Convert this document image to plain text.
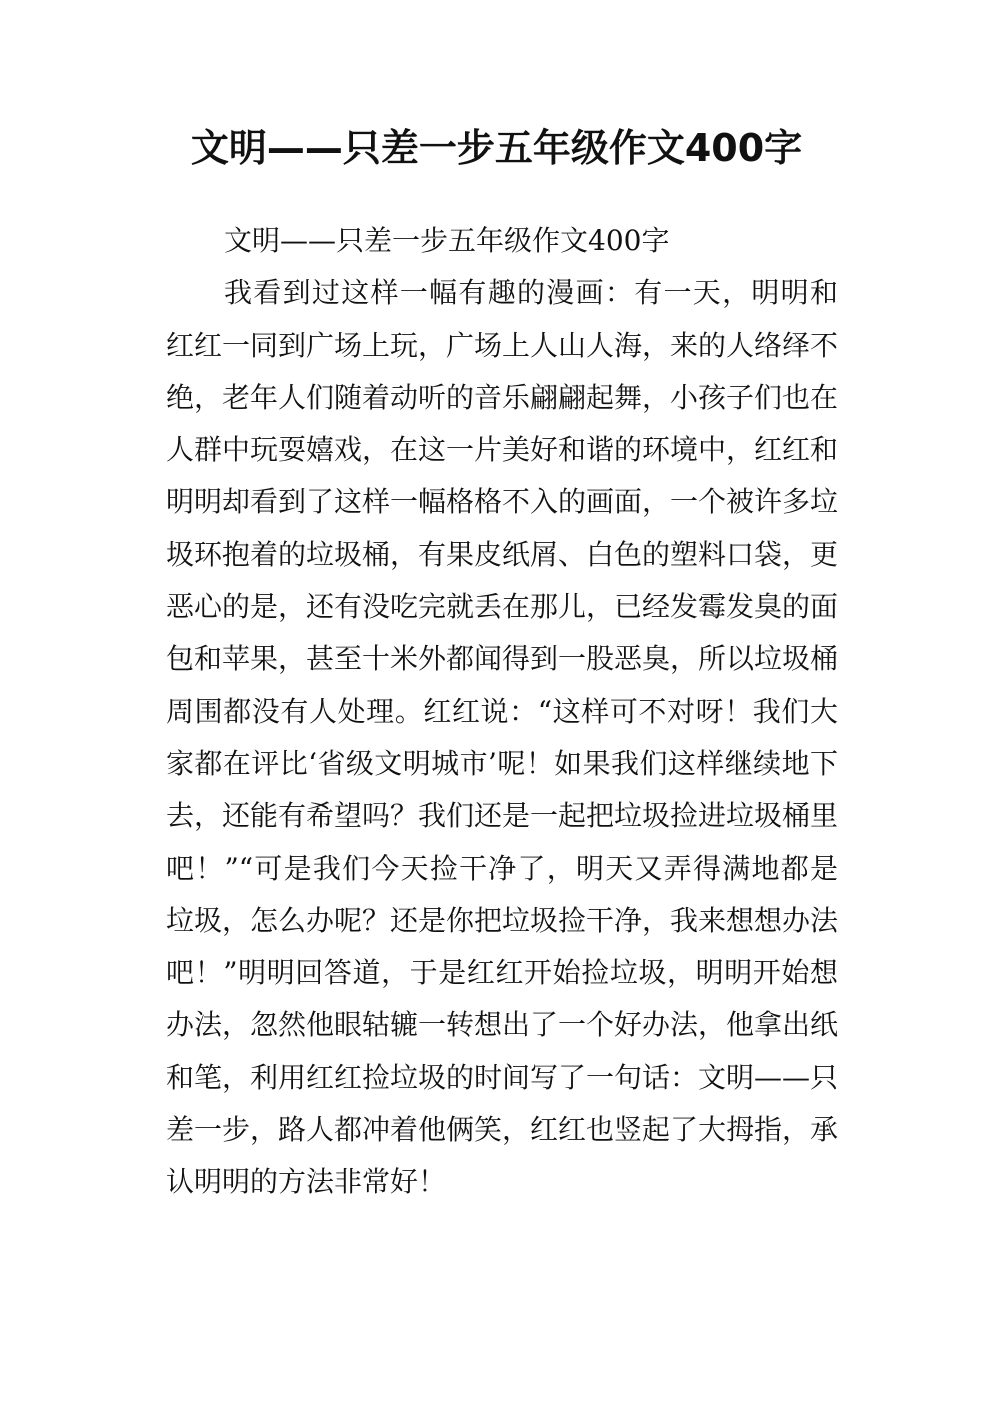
文明——只差一步五年级作文400字

文明——只差一步五年级作文400字

我看到过这样一幅有趣的漫画：有一天，明明和红红一同到广场上玩，广场上人山人海，来的人络绎不绝，老年人们随着动听的音乐翩翩起舞，小孩子们也在人群中玩耍嬉戏，在这一片美好和谐的环境中，红红和明明却看到了这样一幅格格不入的画面，一个被许多垃圾环抱着的垃圾桶，有果皮纸屑、白色的塑料口袋，更恶心的是，还有没吃完就丢在那儿，已经发霉发臭的面包和苹果，甚至十米外都闻得到一股恶臭，所以垃圾桶周围都没有人处理。红红说：“这样可不对呀！我们大家都在评比‘省级文明城市’呢！如果我们这样继续地下去，还能有希望吗？我们还是一起把垃圾捡进垃圾桶里吧！”“可是我们今天捡干净了，明天又弄得满地都是垃圾，怎么办呢？还是你把垃圾捡干净，我来想想办法吧！”明明回答道，于是红红开始捡垃圾，明明开始想办法，忽然他眼轱辘一转想出了一个好办法，他拿出纸和笔，利用红红捡垃圾的时间写了一句话：文明——只差一步，路人都冲着他俩笑，红红也竖起了大拇指，承认明明的方法非常好！
